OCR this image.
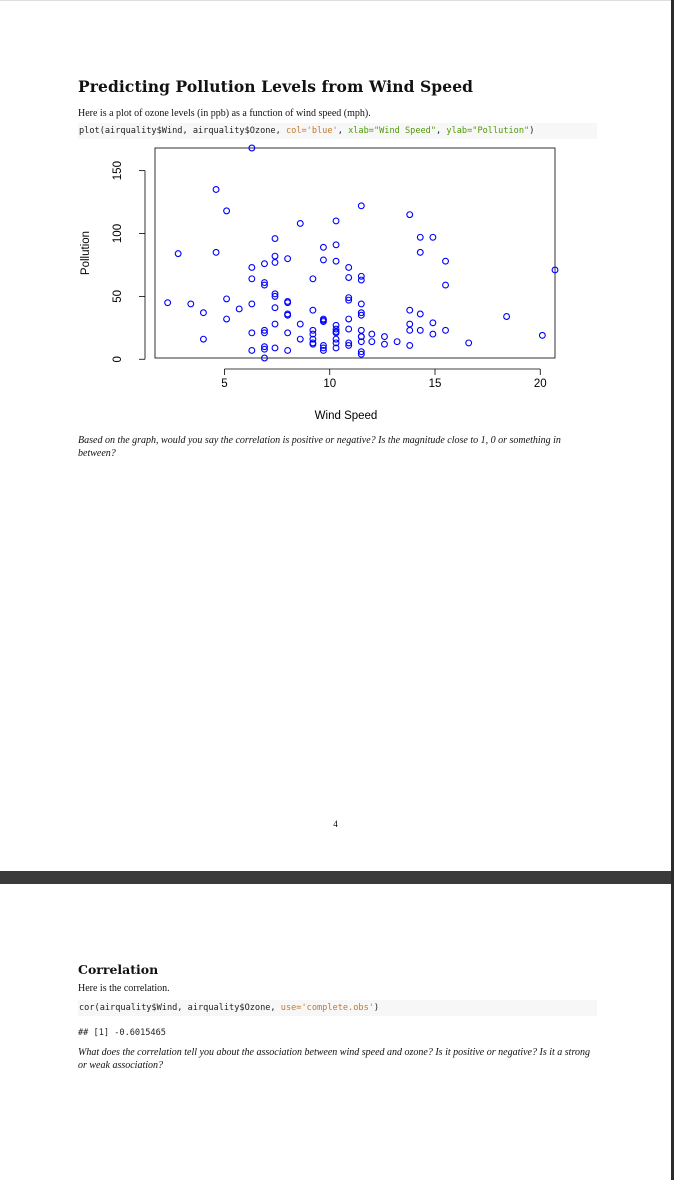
Predicting Pollution Levels from Wind Speed
Here is a plot of ozone levels (in ppb) as a function of wind speed (mph).
plot(airquality$Wind, airquality$Ozone, col='blue', xlab="Wind Speed", ylab="Pollution")
5	10	15	20
0
50
100
150
Wind Speed
Pollution
Based on the graph, would you say the correlation is positive or negative? Is the magnitude close to 1, 0 or something in between?
4
Correlation
Here is the correlation.
cor(airquality$Wind, airquality$Ozone, use='complete.obs')
## [1] -0.6015465
What does the correlation tell you about the association between wind speed and ozone? Is it positive or negative? Is it a strong or weak association?
